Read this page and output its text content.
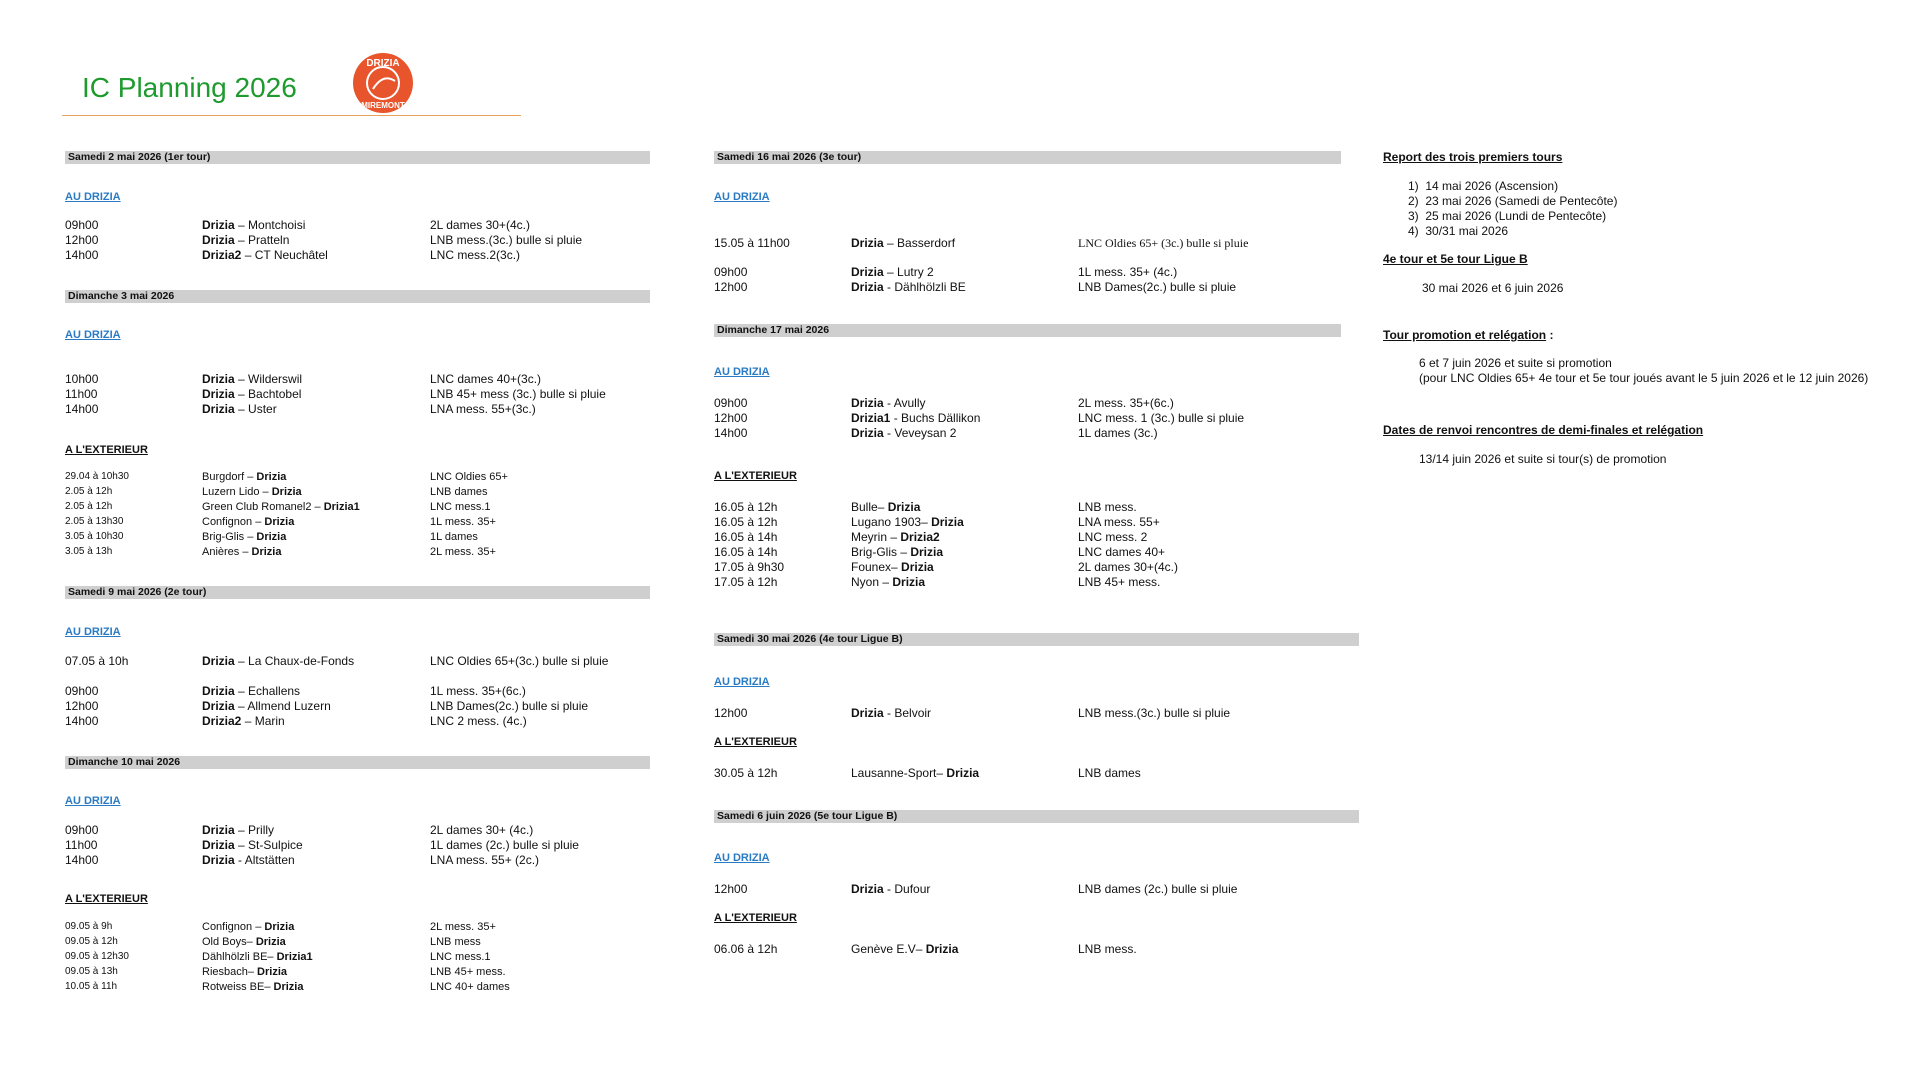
IC Planning 2026
DRIZIA
MIREMONT
Samedi 2 mai 2026 (1er tour)
AU DRIZIA
09h00	Drizia – Montchoisi	2L dames 30+(4c.)
12h00	Drizia – Pratteln	LNB mess.(3c.) bulle si pluie
14h00	Drizia2 – CT Neuchâtel	LNC mess.2(3c.)
Dimanche 3 mai 2026
AU DRIZIA
10h00	Drizia – Wilderswil	LNC dames 40+(3c.)
11h00	Drizia – Bachtobel	LNB 45+ mess (3c.) bulle si pluie
14h00	Drizia – Uster	LNA mess. 55+(3c.)
A L'EXTERIEUR
29.04 à 10h30	Burgdorf – Drizia	LNC Oldies 65+
2.05 à 12h	Luzern Lido – Drizia	LNB dames
2.05 à 12h	Green Club Romanel2 – Drizia1	LNC mess.1
2.05 à 13h30	Confignon – Drizia	1L mess. 35+
3.05 à 10h30	Brig-Glis – Drizia	1L dames
3.05 à 13h	Anières – Drizia	2L mess. 35+
Samedi 9 mai 2026 (2e tour)
AU DRIZIA
07.05 à 10h	Drizia – La Chaux-de-Fonds	LNC Oldies 65+(3c.) bulle si pluie
09h00	Drizia – Echallens	1L mess. 35+(6c.)
12h00	Drizia – Allmend Luzern	LNB Dames(2c.) bulle si pluie
14h00	Drizia2 – Marin	LNC 2 mess. (4c.)
Dimanche 10 mai 2026
AU DRIZIA
09h00	Drizia – Prilly	2L dames 30+ (4c.)
11h00	Drizia – St-Sulpice	1L dames (2c.) bulle si pluie
14h00	Drizia - Altstätten	LNA mess. 55+ (2c.)
A L'EXTERIEUR
09.05 à 9h	Confignon – Drizia	2L mess. 35+
09.05 à 12h	Old Boys– Drizia	LNB mess
09.05 à 12h30	Dählhölzli BE– Drizia1	LNC mess.1
09.05 à 13h	Riesbach– Drizia	LNB 45+ mess.
10.05 à 11h	Rotweiss BE– Drizia	LNC 40+ dames
Samedi 16 mai 2026 (3e tour)
AU DRIZIA
15.05 à 11h00	Drizia – Basserdorf	LNC Oldies 65+ (3c.) bulle si pluie
09h00	Drizia – Lutry 2	1L mess. 35+ (4c.)
12h00	Drizia - Dählhölzli BE	LNB Dames(2c.) bulle si pluie
Dimanche 17 mai 2026
AU DRIZIA
09h00	Drizia - Avully	2L mess. 35+(6c.)
12h00	Drizia1 - Buchs Dällikon	LNC mess. 1 (3c.) bulle si pluie
14h00	Drizia - Veveysan 2	1L dames (3c.)
A L'EXTERIEUR
16.05 à 12h	Bulle– Drizia	LNB mess.
16.05 à 12h	Lugano 1903– Drizia	LNA mess. 55+
16.05 à 14h	Meyrin – Drizia2	LNC mess. 2
16.05 à 14h	Brig-Glis – Drizia	LNC dames 40+
17.05 à 9h30	Founex– Drizia	2L dames 30+(4c.)
17.05 à 12h	Nyon – Drizia	LNB 45+ mess.
Samedi 30 mai 2026 (4e tour Ligue B)
AU DRIZIA
12h00	Drizia - Belvoir	LNB mess.(3c.) bulle si pluie
A L'EXTERIEUR
30.05 à 12h	Lausanne-Sport– Drizia	LNB dames
Samedi 6 juin 2026 (5e tour Ligue B)
AU DRIZIA
12h00	Drizia - Dufour	LNB dames (2c.) bulle si pluie
A L'EXTERIEUR
06.06 à 12h	Genève E.V– Drizia	LNB mess.
Report des trois premiers tours
1)  14 mai 2026 (Ascension)
2)  23 mai 2026 (Samedi de Pentecôte)
3)  25 mai 2026 (Lundi de Pentecôte)
4)  30/31 mai 2026
4e tour et 5e tour Ligue B
30 mai 2026 et 6 juin 2026
Tour promotion et relégation :
6 et 7 juin 2026 et suite si promotion
(pour LNC Oldies 65+ 4e tour et 5e tour joués avant le 5 juin 2026 et le 12 juin 2026)
Dates de renvoi rencontres de demi-finales et relégation
13/14 juin 2026 et suite si tour(s) de promotion
